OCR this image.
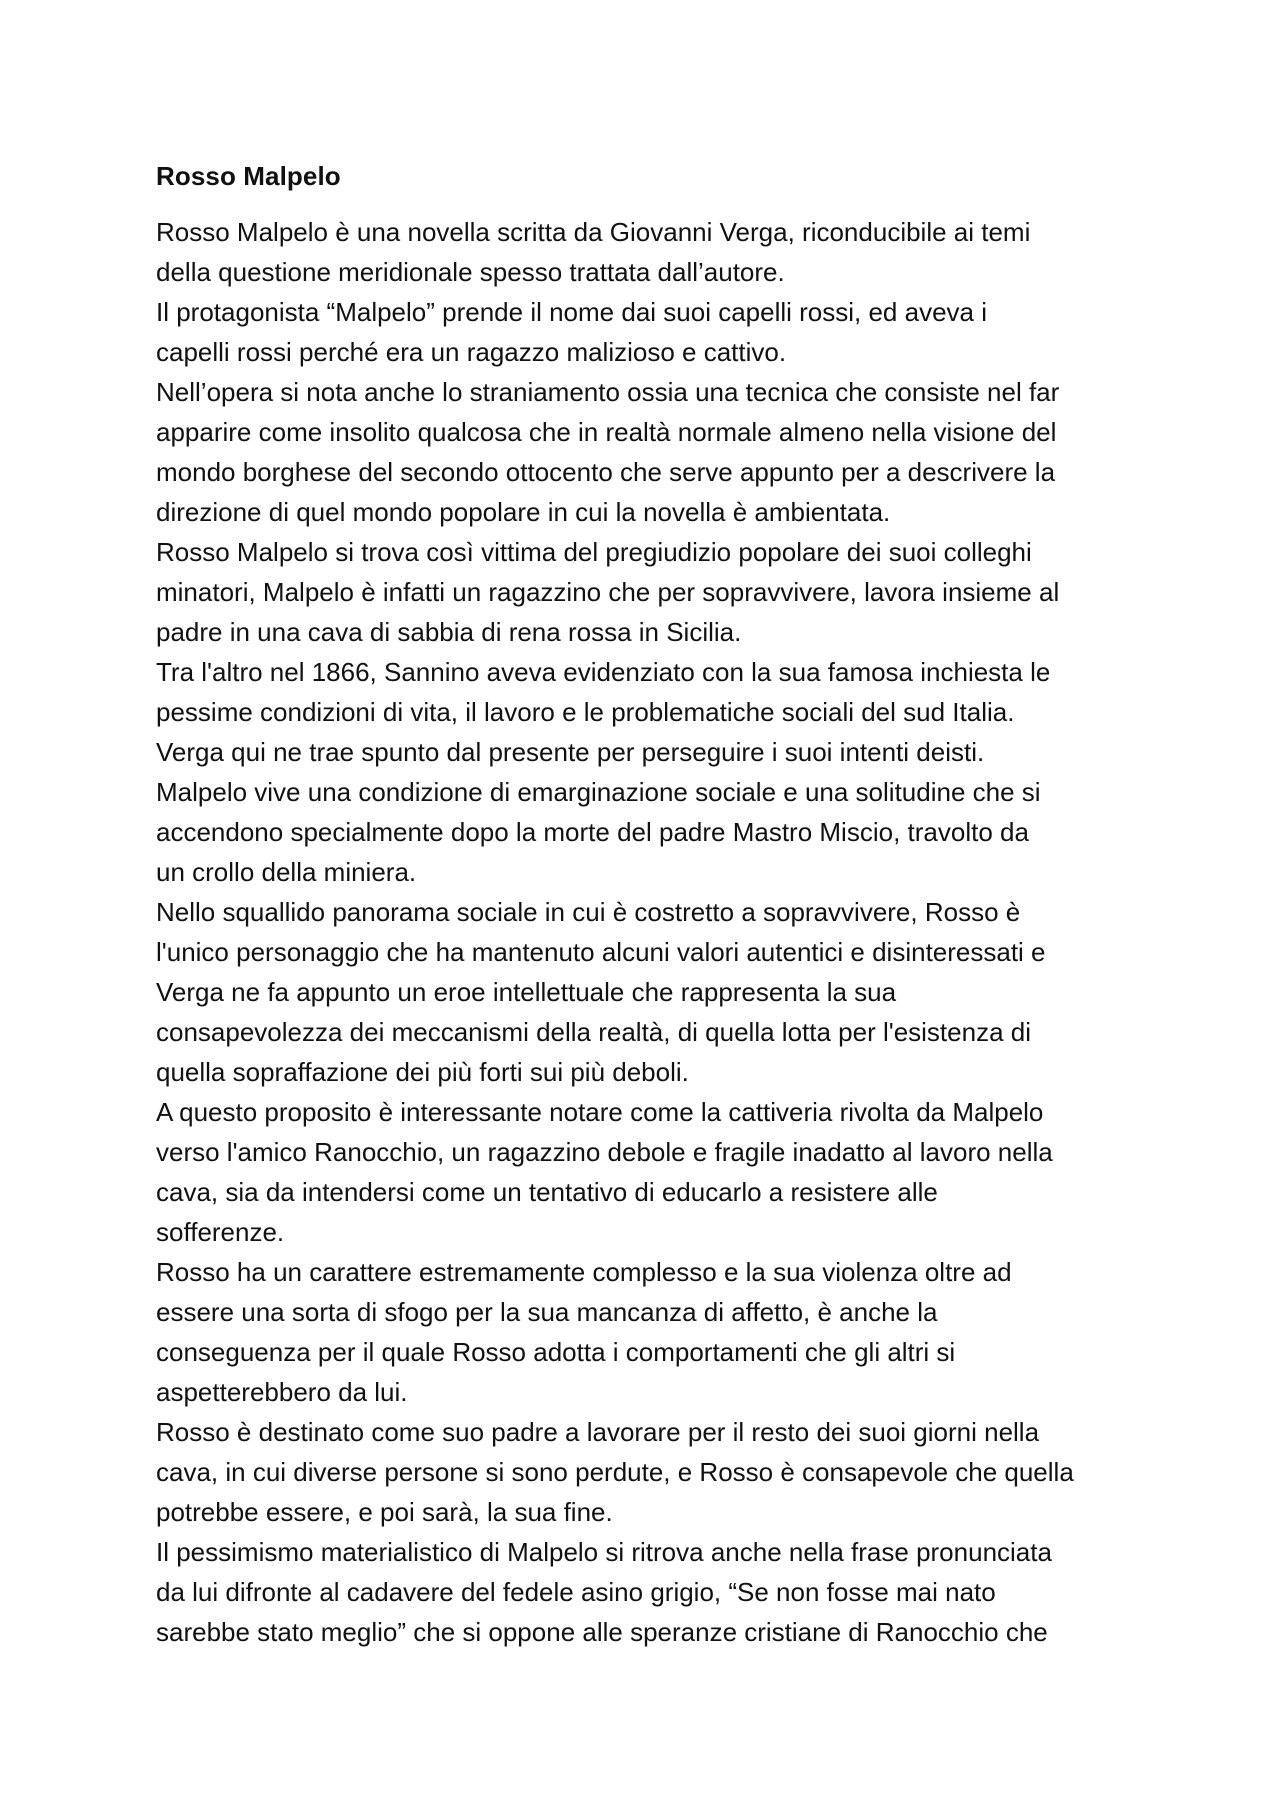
Rosso Malpelo
Rosso Malpelo è una novella scritta da Giovanni Verga, riconducibile ai temi
della questione meridionale spesso trattata dall’autore.
Il protagonista “Malpelo” prende il nome dai suoi capelli rossi, ed aveva i
capelli rossi perché era un ragazzo malizioso e cattivo.
Nell’opera si nota anche lo straniamento ossia una tecnica che consiste nel far
apparire come insolito qualcosa che in realtà normale almeno nella visione del
mondo borghese del secondo ottocento che serve appunto per a descrivere la
direzione di quel mondo popolare in cui la novella è ambientata.
Rosso Malpelo si trova così vittima del pregiudizio popolare dei suoi colleghi
minatori, Malpelo è infatti un ragazzino che per sopravvivere, lavora insieme al
padre in una cava di sabbia di rena rossa in Sicilia.
Tra l'altro nel 1866, Sannino aveva evidenziato con la sua famosa inchiesta le
pessime condizioni di vita, il lavoro e le problematiche sociali del sud Italia.
Verga qui ne trae spunto dal presente per perseguire i suoi intenti deisti.
Malpelo vive una condizione di emarginazione sociale e una solitudine che si
accendono specialmente dopo la morte del padre Mastro Miscio, travolto da
un crollo della miniera.
Nello squallido panorama sociale in cui è costretto a sopravvivere, Rosso è
l'unico personaggio che ha mantenuto alcuni valori autentici e disinteressati e
Verga ne fa appunto un eroe intellettuale che rappresenta la sua
consapevolezza dei meccanismi della realtà, di quella lotta per l'esistenza di
quella sopraffazione dei più forti sui più deboli.
A questo proposito è interessante notare come la cattiveria rivolta da Malpelo
verso l'amico Ranocchio, un ragazzino debole e fragile inadatto al lavoro nella
cava, sia da intendersi come un tentativo di educarlo a resistere alle
sofferenze.
Rosso ha un carattere estremamente complesso e la sua violenza oltre ad
essere una sorta di sfogo per la sua mancanza di affetto, è anche la
conseguenza per il quale Rosso adotta i comportamenti che gli altri si
aspetterebbero da lui.
Rosso è destinato come suo padre a lavorare per il resto dei suoi giorni nella
cava, in cui diverse persone si sono perdute, e Rosso è consapevole che quella
potrebbe essere, e poi sarà, la sua fine.
Il pessimismo materialistico di Malpelo si ritrova anche nella frase pronunciata
da lui difronte al cadavere del fedele asino grigio, “Se non fosse mai nato
sarebbe stato meglio” che si oppone alle speranze cristiane di Ranocchio che
